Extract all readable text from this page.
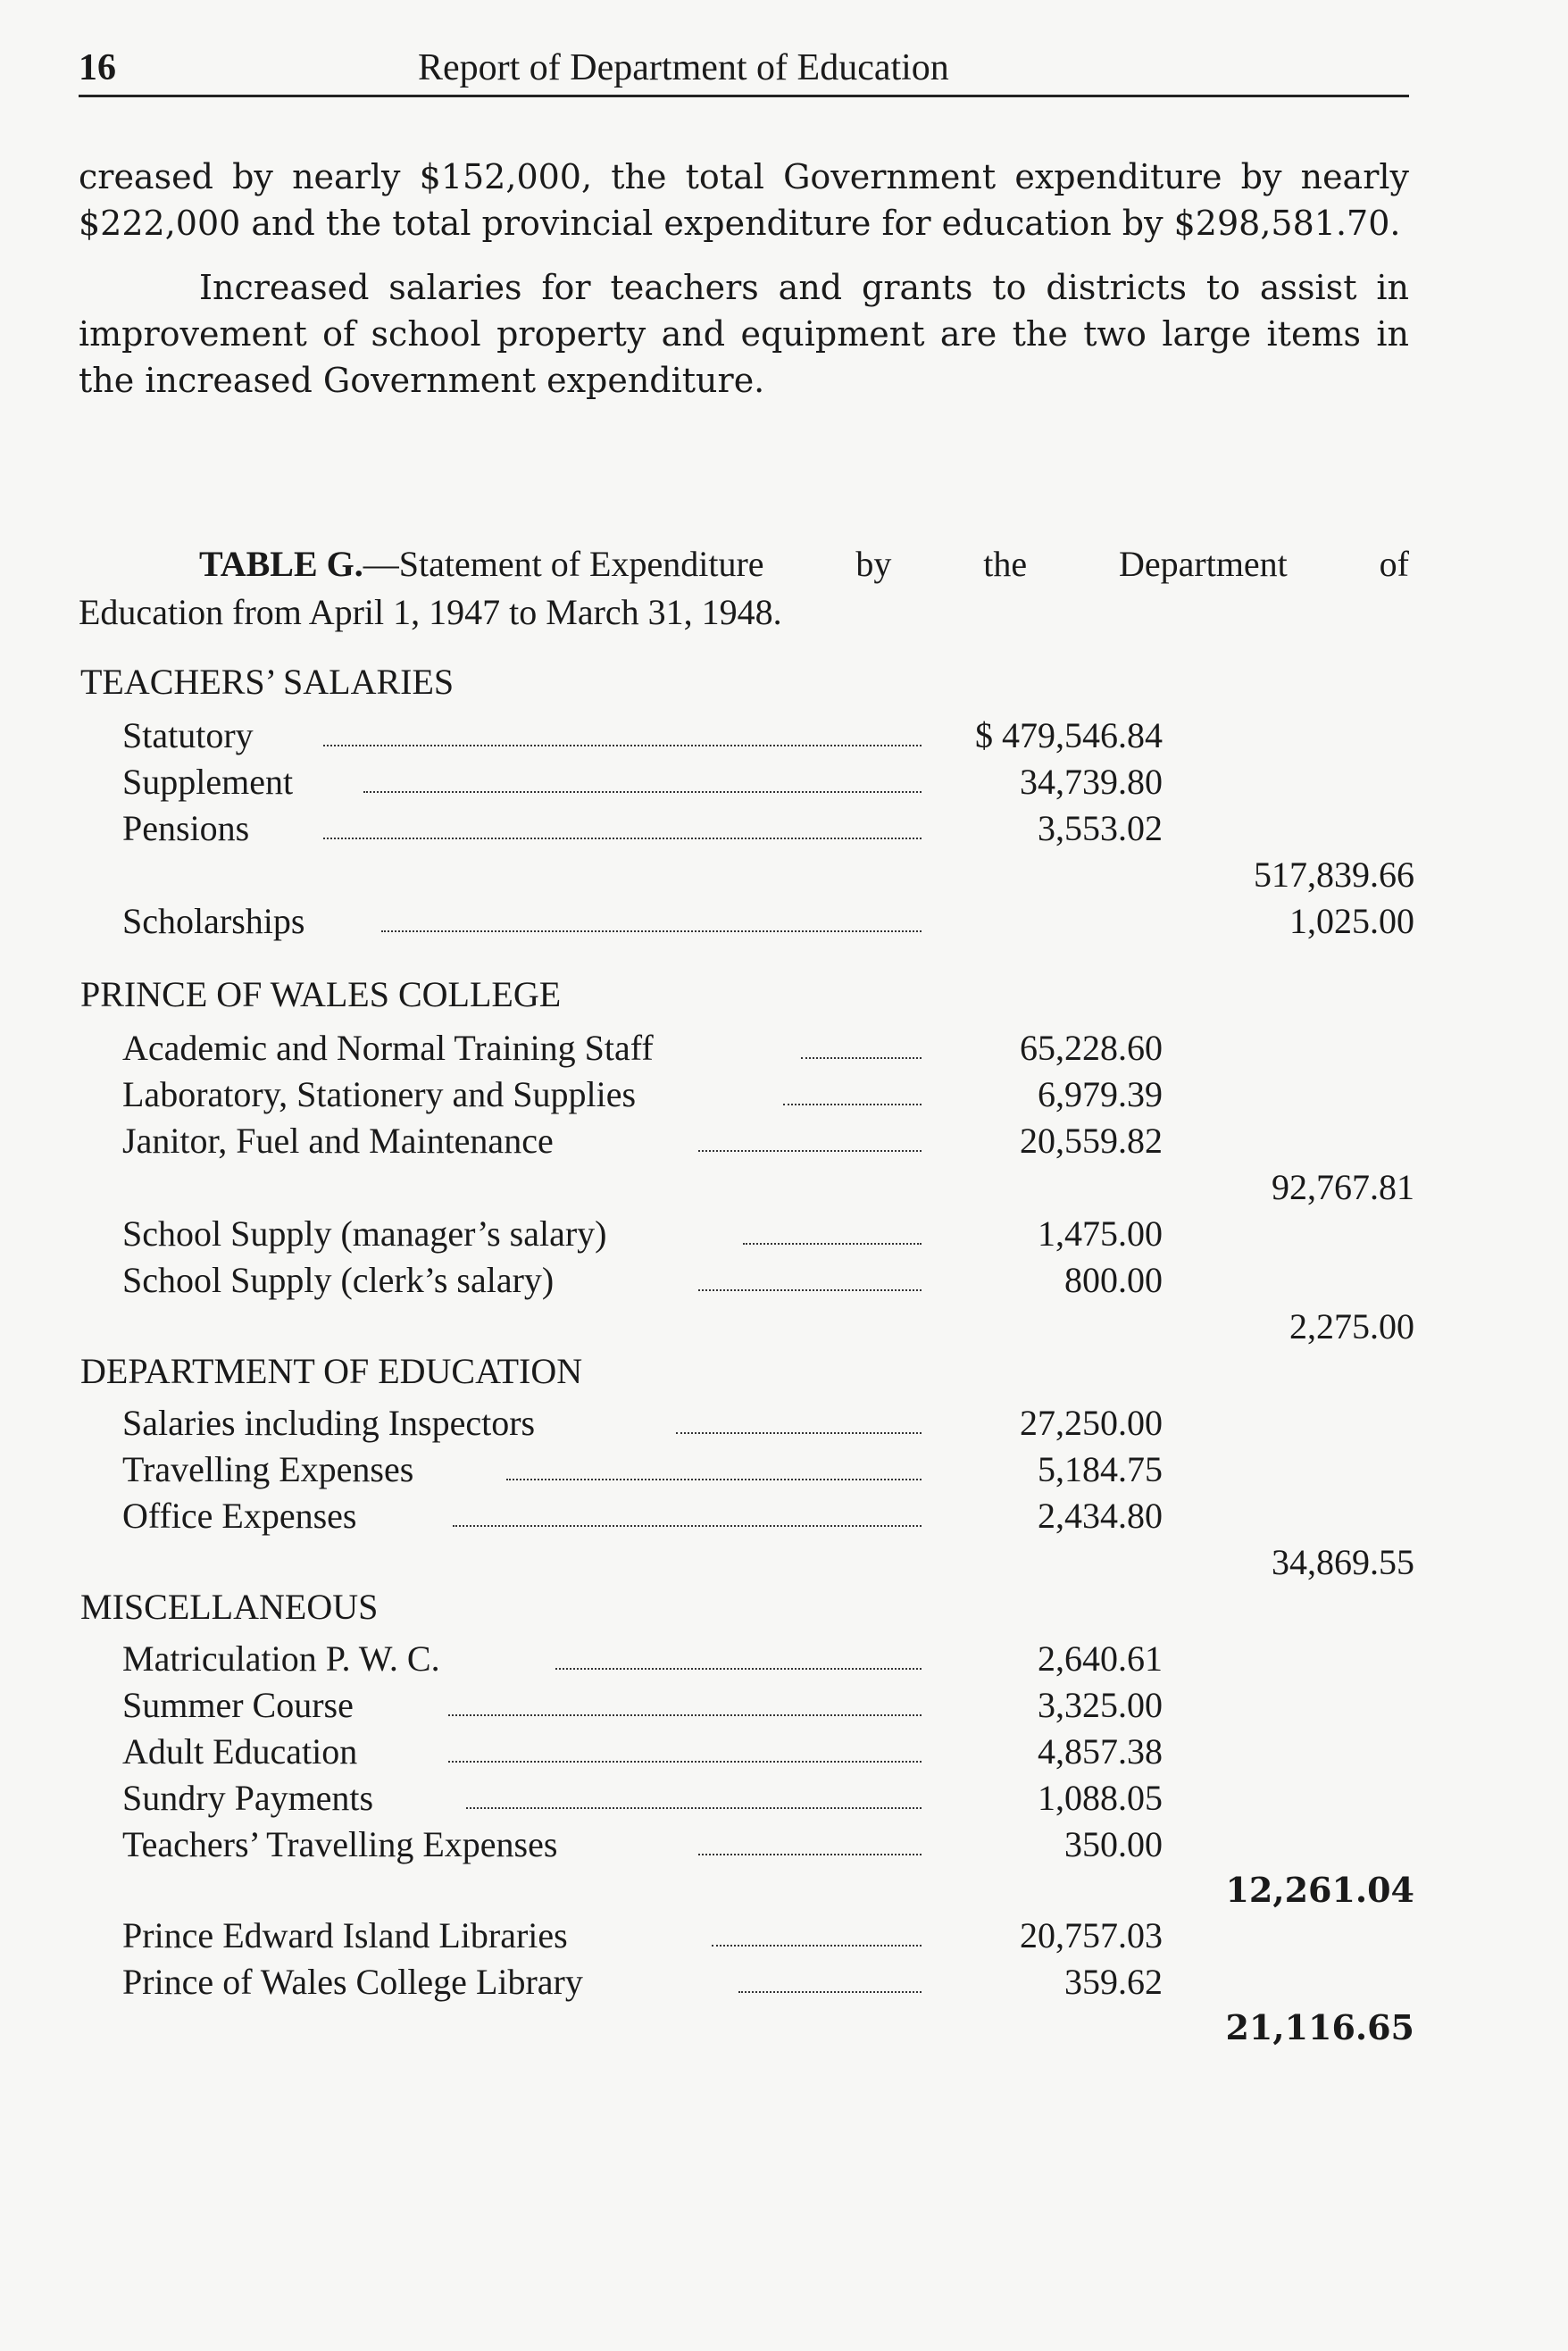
16	Report of Department of Education
creased by nearly $152,000, the total Government expenditure by nearly $222,000 and the total provincial expenditure for education by $298,581.70.
Increased salaries for teachers and grants to districts to assist in improvement of school property and equipment are the two large items in the increased Government expenditure.
TABLE G.—Statement of Expenditure	by	the	Department	of
Education from April 1, 1947 to March 31, 1948.
TEACHERS’ SALARIES
Statutory	$ 479,546.84
Supplement	34,739.80
Pensions	3,553.02
517,839.66
Scholarships	1,025.00
PRINCE OF WALES COLLEGE
Academic and Normal Training Staff	65,228.60
Laboratory, Stationery and Supplies	6,979.39
Janitor, Fuel and Maintenance	20,559.82
92,767.81
School Supply (manager’s salary)	1,475.00
School Supply (clerk’s salary)	800.00
2,275.00
DEPARTMENT OF EDUCATION
Salaries including Inspectors	27,250.00
Travelling Expenses	5,184.75
Office Expenses	2,434.80
34,869.55
MISCELLANEOUS
Matriculation P. W. C.	2,640.61
Summer Course	3,325.00
Adult Education	4,857.38
Sundry Payments	1,088.05
Teachers’ Travelling Expenses	350.00
12,261.04
Prince Edward Island Libraries	20,757.03
Prince of Wales College Library	359.62
21,116.65
